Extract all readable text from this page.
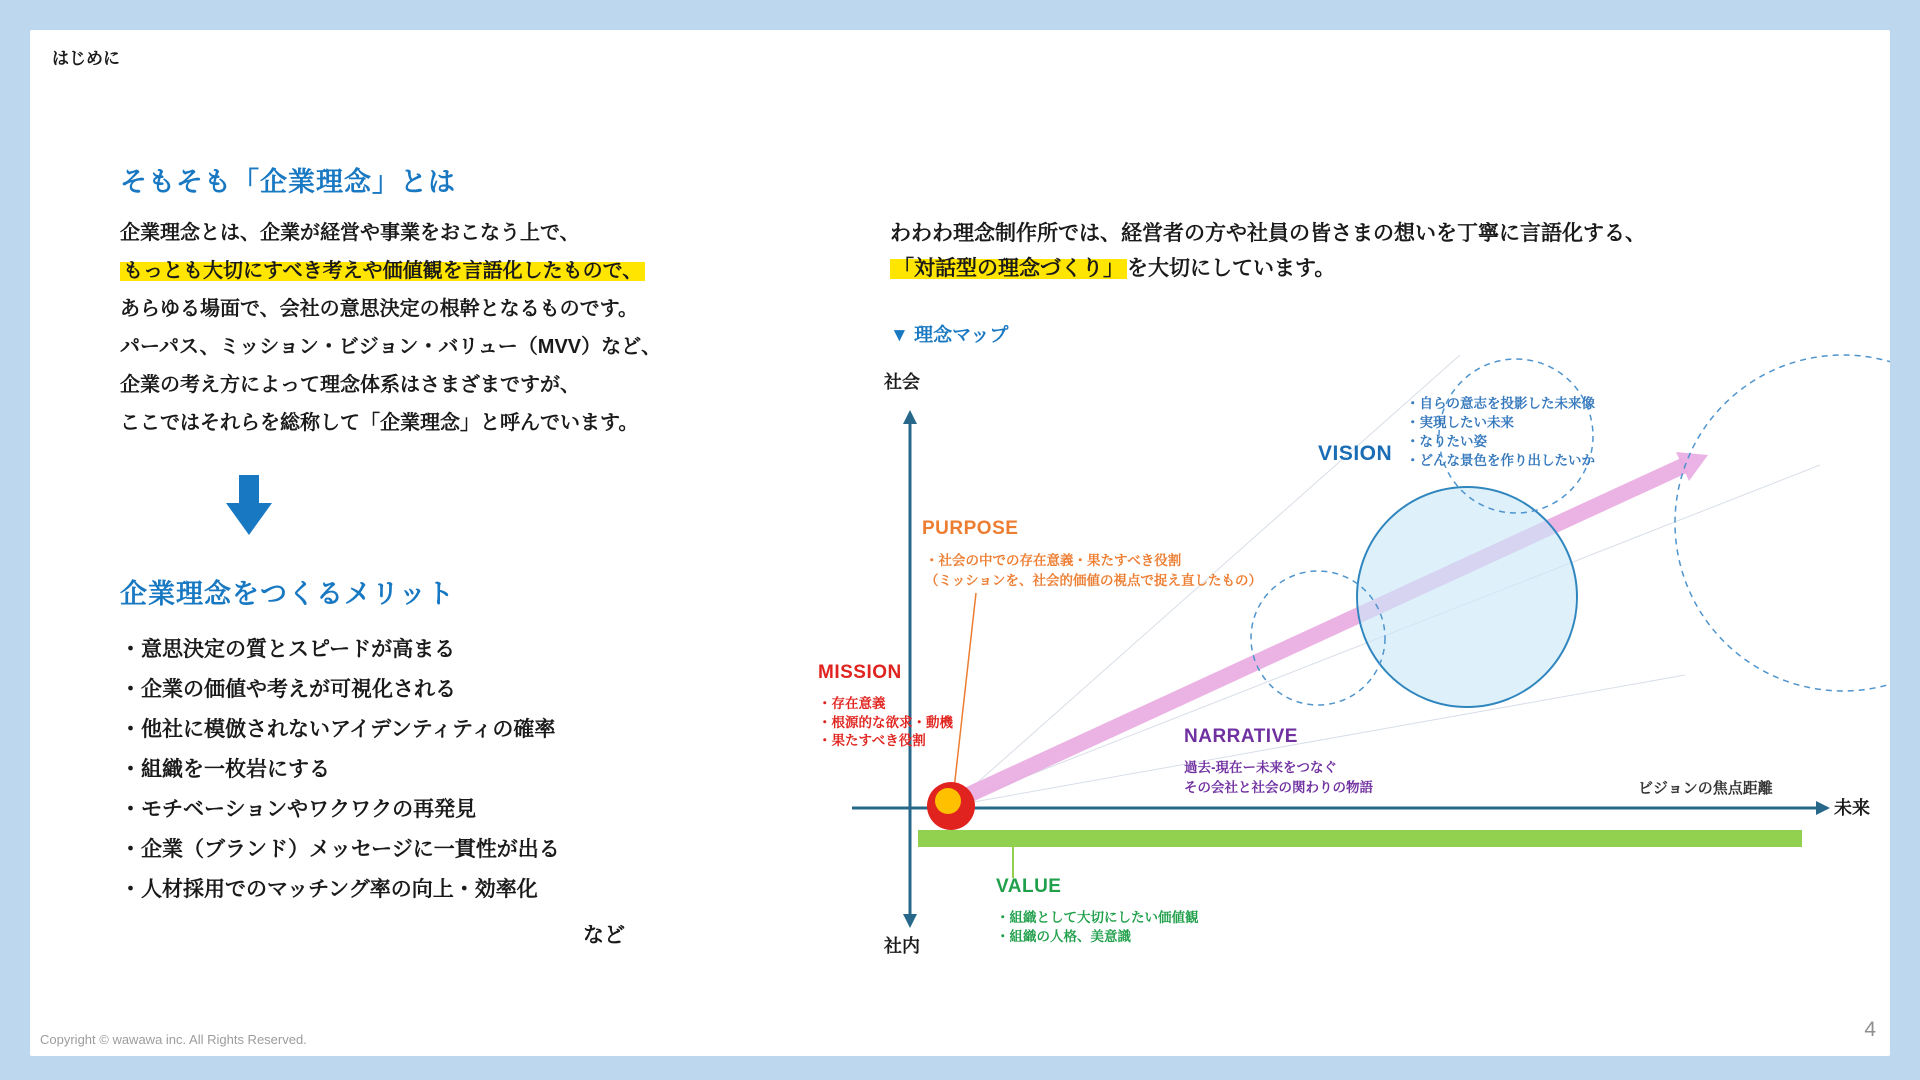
はじめに
そもそも「企業理念」とは
企業理念とは、企業が経営や事業をおこなう上で、
もっとも大切にすべき考えや価値観を言語化したもので、
あらゆる場面で、会社の意思決定の根幹となるものです。
パーパス、ミッション・ビジョン・バリュー（MVV）など、
企業の考え方によって理念体系はさまざまですが、
ここではそれらを総称して「企業理念」と呼んでいます。
企業理念をつくるメリット
・意思決定の質とスピードが高まる
・企業の価値や考えが可視化される
・他社に模倣されないアイデンティティの確率
・組織を一枚岩にする
・モチベーションやワクワクの再発見
・企業（ブランド）メッセージに一貫性が出る
・人材採用でのマッチング率の向上・効率化
など
わわわ理念制作所では、経営者の方や社員の皆さまの想いを丁寧に言語化する、
「対話型の理念づくり」 を大切にしています。
▼ 理念マップ
社会
社内
未来
ビジョンの焦点距離
VISION
・自らの意志を投影した未来像
・実現したい未来
・なりたい姿
・どんな景色を作り出したいか
PURPOSE
・社会の中での存在意義・果たすべき役割
（ミッションを、社会的価値の視点で捉え直したもの）
MISSION
・存在意義
・根源的な欲求・動機
・果たすべき役割	NARRATIVE
過去-現在ー未来をつなぐ
その会社と社会の関わりの物語
VALUE
・組織として大切にしたい価値観
・組織の人格、美意識
Copyright © wawawa inc. All Rights Reserved.	4
